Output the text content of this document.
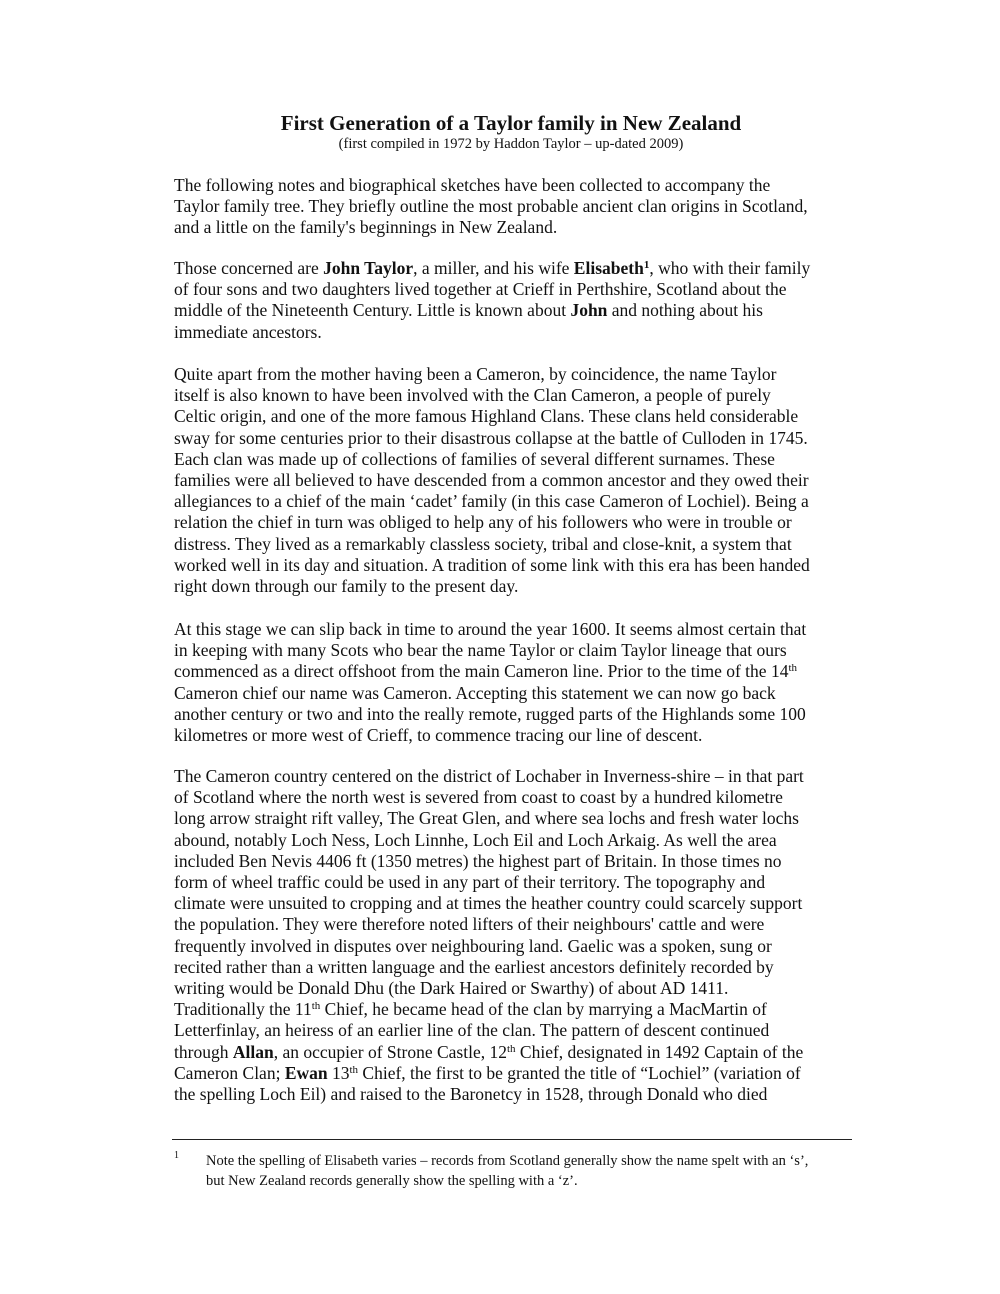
First Generation of a Taylor family in New Zealand
(first compiled in 1972 by Haddon Taylor – up-dated 2009)
The following notes and biographical sketches have been collected to accompany the
Taylor family tree. They briefly outline the most probable ancient clan origins in Scotland,
and a little on the family's beginnings in New Zealand.
Those concerned are John Taylor, a miller, and his wife Elisabeth$^1$, who with their family
of four sons and two daughters lived together at Crieff in Perthshire, Scotland about the
middle of the Nineteenth Century. Little is known about John and nothing about his
immediate ancestors.
Quite apart from the mother having been a Cameron, by coincidence, the name Taylor
itself is also known to have been involved with the Clan Cameron, a people of purely
Celtic origin, and one of the more famous Highland Clans. These clans held considerable
sway for some centuries prior to their disastrous collapse at the battle of Culloden in 1745.
Each clan was made up of collections of families of several different surnames. These
families were all believed to have descended from a common ancestor and they owed their
allegiances to a chief of the main ‘cadet’ family (in this case Cameron of Lochiel). Being a
relation the chief in turn was obliged to help any of his followers who were in trouble or
distress. They lived as a remarkably classless society, tribal and close-knit, a system that
worked well in its day and situation. A tradition of some link with this era has been handed
right down through our family to the present day.
At this stage we can slip back in time to around the year 1600. It seems almost certain that
in keeping with many Scots who bear the name Taylor or claim Taylor lineage that ours
commenced as a direct offshoot from the main Cameron line. Prior to the time of the 14th
Cameron chief our name was Cameron. Accepting this statement we can now go back
another century or two and into the really remote, rugged parts of the Highlands some 100
kilometres or more west of Crieff, to commence tracing our line of descent.
The Cameron country centered on the district of Lochaber in Inverness-shire – in that part
of Scotland where the north west is severed from coast to coast by a hundred kilometre
long arrow straight rift valley, The Great Glen, and where sea lochs and fresh water lochs
abound, notably Loch Ness, Loch Linnhe, Loch Eil and Loch Arkaig. As well the area
included Ben Nevis 4406 ft (1350 metres) the highest part of Britain. In those times no
form of wheel traffic could be used in any part of their territory. The topography and
climate were unsuited to cropping and at times the heather country could scarcely support
the population. They were therefore noted lifters of their neighbours' cattle and were
frequently involved in disputes over neighbouring land. Gaelic was a spoken, sung or
recited rather than a written language and the earliest ancestors definitely recorded by
writing would be Donald Dhu (the Dark Haired or Swarthy) of about AD 1411.
Traditionally the 11th Chief, he became head of the clan by marrying a MacMartin of
Letterfinlay, an heiress of an earlier line of the clan. The pattern of descent continued
through Allan, an occupier of Strone Castle, 12th Chief, designated in 1492 Captain of the
Cameron Clan; Ewan 13th Chief, the first to be granted the title of “Lochiel” (variation of
the spelling Loch Eil) and raised to the Baronetcy in 1528, through Donald who died
1 Note the spelling of Elisabeth varies – records from Scotland generally show the name spelt with an ‘s’,
but New Zealand records generally show the spelling with a ‘z’.
